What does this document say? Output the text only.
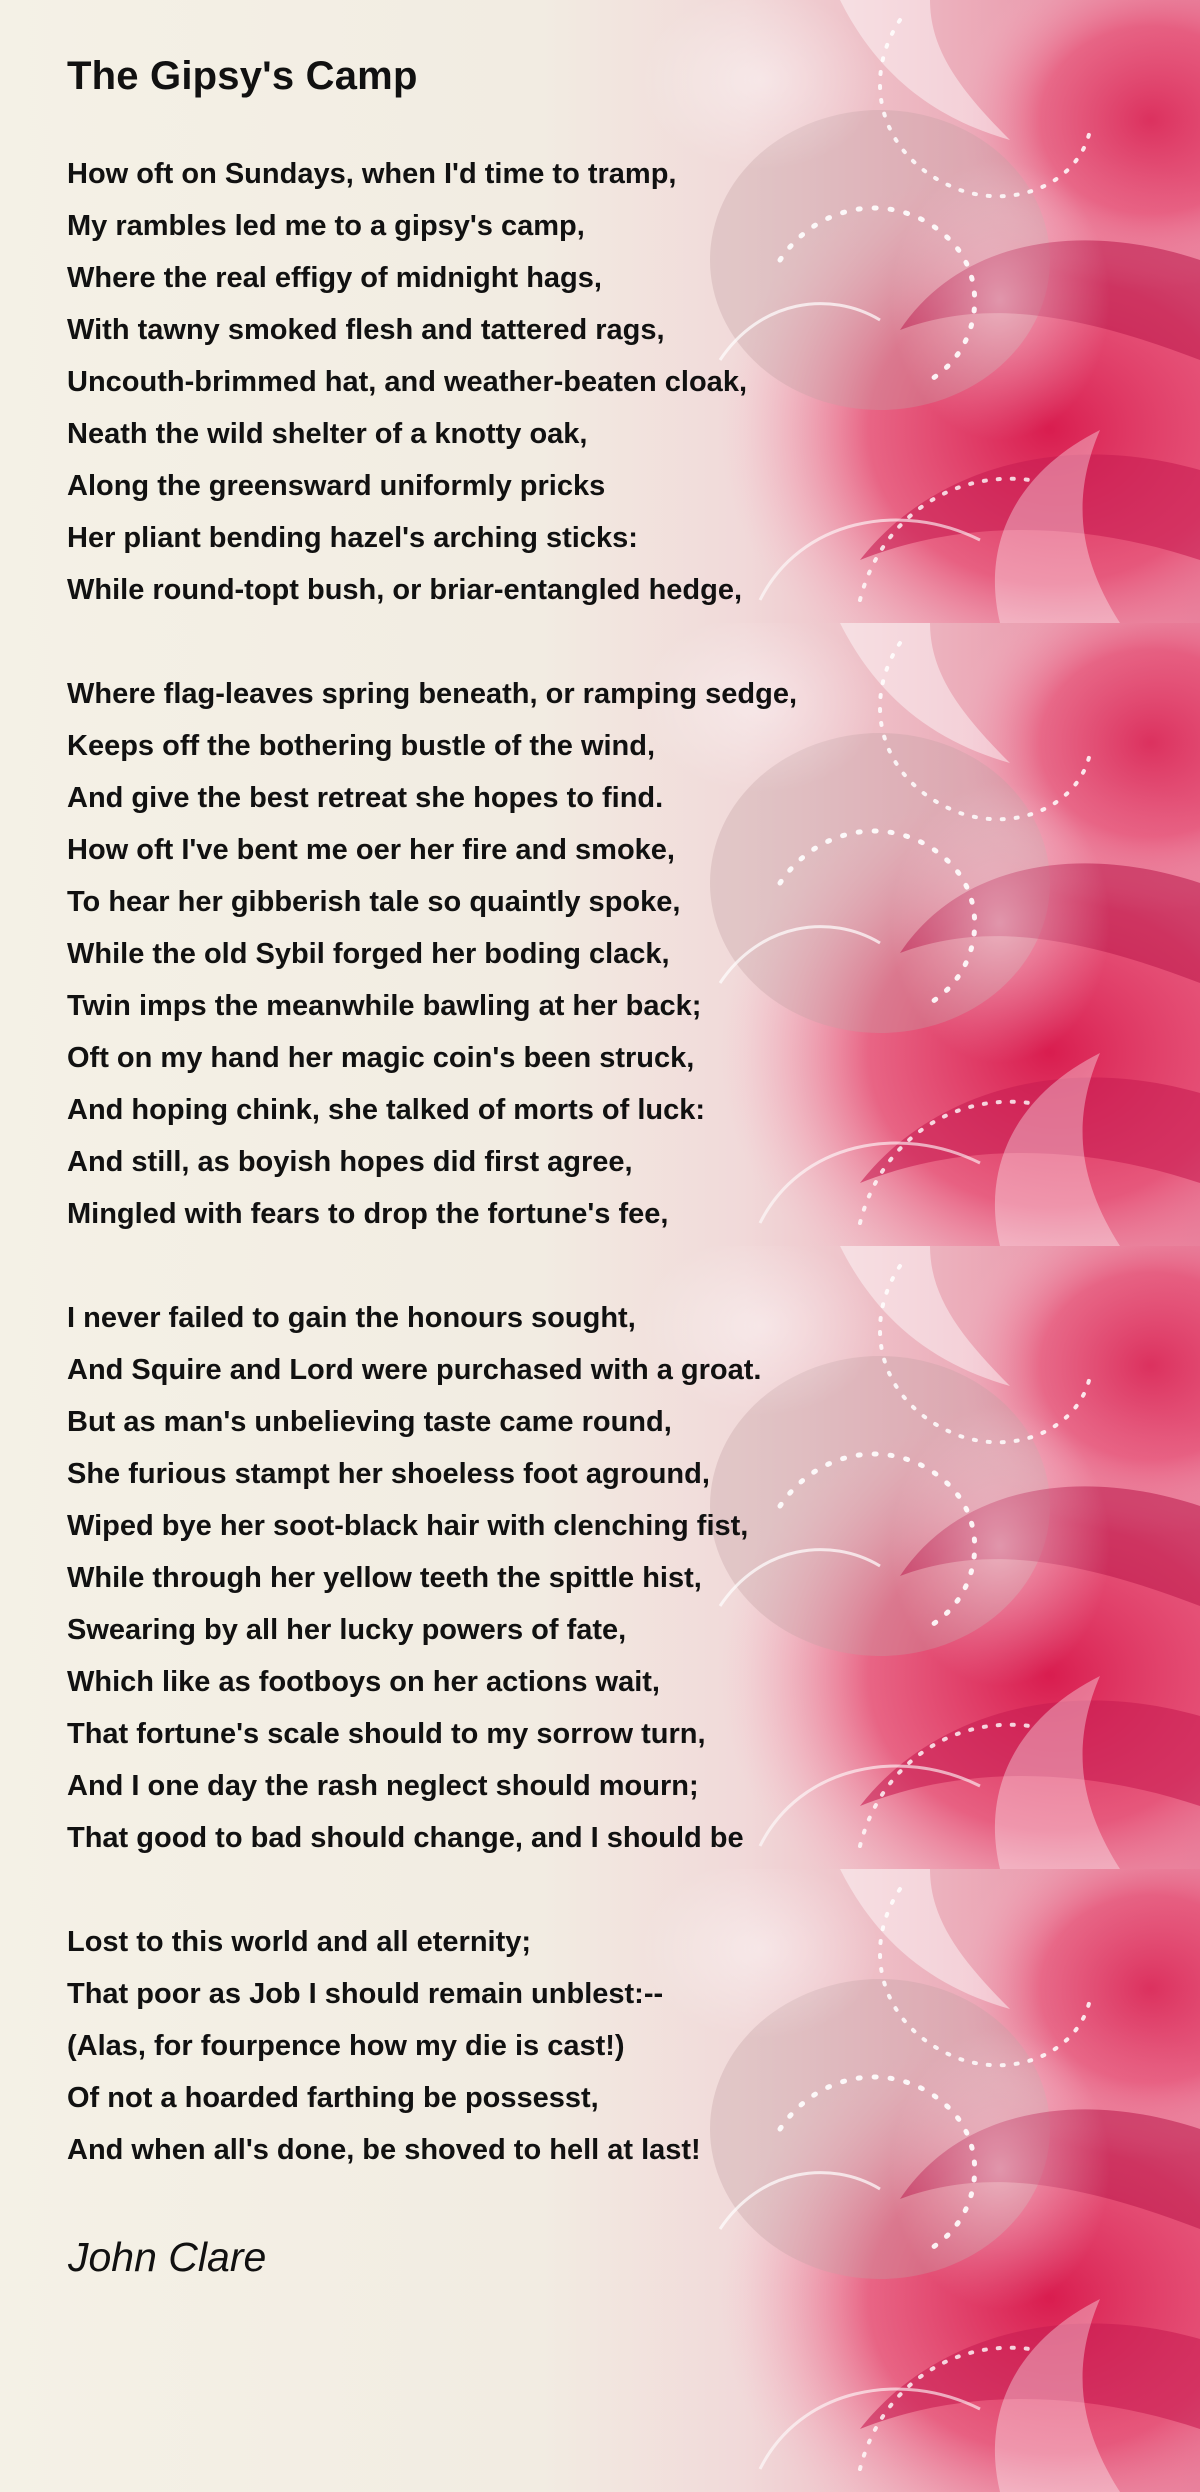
The Gipsy's Camp
How oft on Sundays, when I'd time to tramp,
My rambles led me to a gipsy's camp,
Where the real effigy of midnight hags,
With tawny smoked flesh and tattered rags,
Uncouth-brimmed hat, and weather-beaten cloak,
Neath the wild shelter of a knotty oak,
Along the greensward uniformly pricks
Her pliant bending hazel's arching sticks:
While round-topt bush, or briar-entangled hedge,
Where flag-leaves spring beneath, or ramping sedge,
Keeps off the bothering bustle of the wind,
And give the best retreat she hopes to find.
How oft I've bent me oer her fire and smoke,
To hear her gibberish tale so quaintly spoke,
While the old Sybil forged her boding clack,
Twin imps the meanwhile bawling at her back;
Oft on my hand her magic coin's been struck,
And hoping chink, she talked of morts of luck:
And still, as boyish hopes did first agree,
Mingled with fears to drop the fortune's fee,
I never failed to gain the honours sought,
And Squire and Lord were purchased with a groat.
But as man's unbelieving taste came round,
She furious stampt her shoeless foot aground,
Wiped bye her soot-black hair with clenching fist,
While through her yellow teeth the spittle hist,
Swearing by all her lucky powers of fate,
Which like as footboys on her actions wait,
That fortune's scale should to my sorrow turn,
And I one day the rash neglect should mourn;
That good to bad should change, and I should be
Lost to this world and all eternity;
That poor as Job I should remain unblest:--
(Alas, for fourpence how my die is cast!)
Of not a hoarded farthing be possesst,
And when all's done, be shoved to hell at last!

John Clare
